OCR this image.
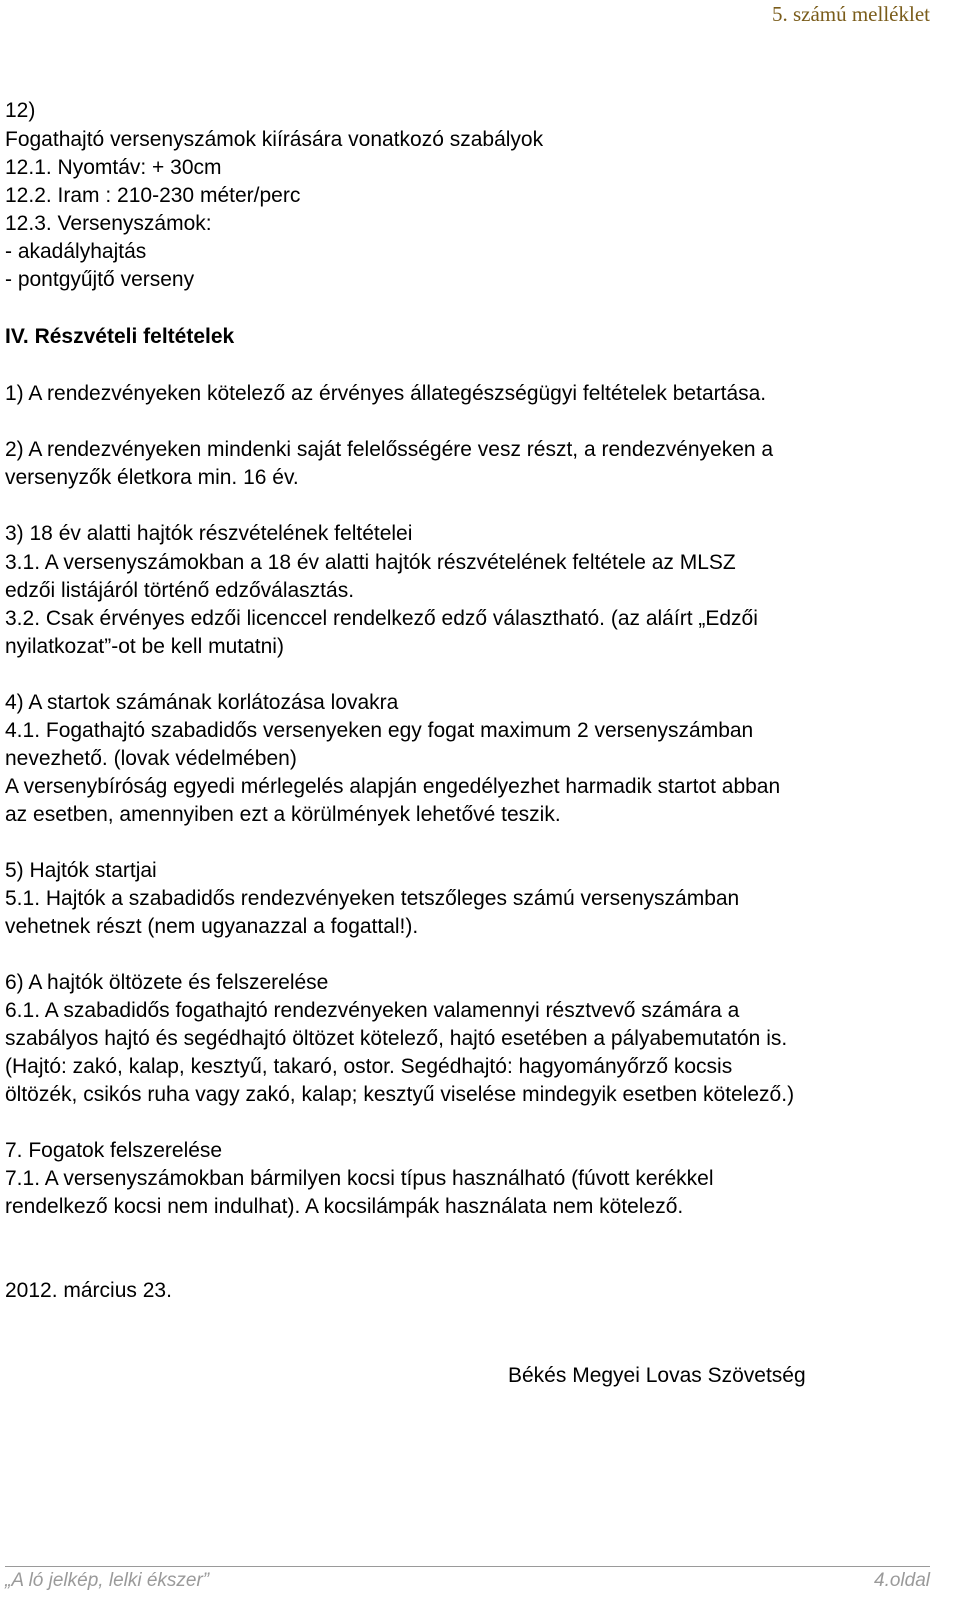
5. számú melléklet
12)
Fogathajtó versenyszámok kiírására vonatkozó szabályok
12.1. Nyomtáv: + 30cm
12.2. Iram : 210-230 méter/perc
12.3. Versenyszámok:
- akadályhajtás
- pontgyűjtő verseny
IV. Részvételi feltételek
1) A rendezvényeken kötelező az érvényes állategészségügyi feltételek betartása.
2) A rendezvényeken mindenki saját felelősségére vesz részt, a rendezvényeken a
versenyzők életkora min. 16 év.
3) 18 év alatti hajtók részvételének feltételei
3.1. A versenyszámokban a 18 év alatti hajtók részvételének feltétele az MLSZ
edzői listájáról történő edzőválasztás.
3.2. Csak érvényes edzői licenccel rendelkező edző választható. (az aláírt „Edzői
nyilatkozat”-ot be kell mutatni)
4) A startok számának korlátozása lovakra
4.1. Fogathajtó szabadidős versenyeken egy fogat maximum 2 versenyszámban
nevezhető. (lovak védelmében)
A versenybíróság egyedi mérlegelés alapján engedélyezhet harmadik startot abban
az esetben, amennyiben ezt a körülmények lehetővé teszik.
5) Hajtók startjai
5.1. Hajtók a szabadidős rendezvényeken tetszőleges számú versenyszámban
vehetnek részt (nem ugyanazzal a fogattal!).
6) A hajtók öltözete és felszerelése
6.1. A szabadidős fogathajtó rendezvényeken valamennyi résztvevő számára a
szabályos hajtó és segédhajtó öltözet kötelező, hajtó esetében a pályabemutatón is.
(Hajtó: zakó, kalap, kesztyű, takaró, ostor. Segédhajtó: hagyományőrző kocsis
öltözék, csikós ruha vagy zakó, kalap; kesztyű viselése mindegyik esetben kötelező.)
7. Fogatok felszerelése
7.1. A versenyszámokban bármilyen kocsi típus használható (fúvott kerékkel
rendelkező kocsi nem indulhat). A kocsilámpák használata nem kötelező.
2012. március 23.
Békés Megyei Lovas Szövetség
„A ló jelkép, lelki ékszer”	4.oldal
